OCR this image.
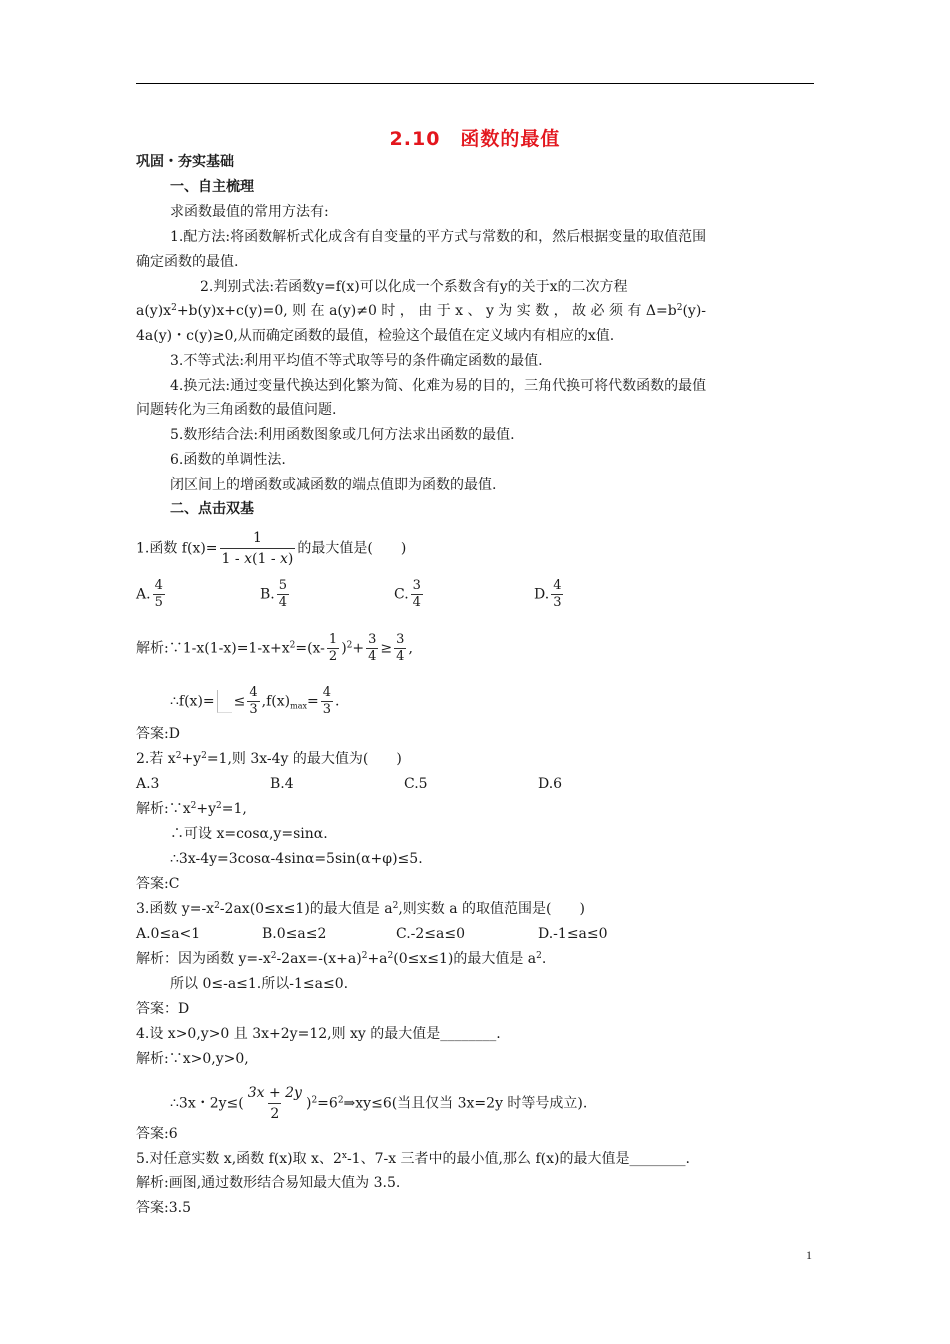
2.10　函数的最值
巩固・夯实基础
一、自主梳理
求函数最值的常用方法有:
1.配方法:将函数解析式化成含有自变量的平方式与常数的和，然后根据变量的取值范围
确定函数的最值.
2.判别式法:若函数y=f(x)可以化成一个系数含有y的关于x的二次方程
$a(y)x^2+b(y)x+c(y)=0$, 则 在 a(y)≠0 时 ， 由 于 x 、 y 为 实 数 ， 故 必 须 有 $\Delta=b^2(y)-$
4a(y)・c(y)≥0,从而确定函数的最值，检验这个最值在定义域内有相应的x值.
3.不等式法:利用平均值不等式取等号的条件确定函数的最值.
4.换元法:通过变量代换达到化繁为简、化难为易的目的，三角代换可将代数函数的最值
问题转化为三角函数的最值问题.
5.数形结合法:利用函数图象或几何方法求出函数的最值.
6.函数的单调性法.
闭区间上的增函数或减函数的端点值即为函数的最值.
二、点击双基
1.函数 $f(x)= \frac{1}{1 - x(1 - x)}$ 的最大值是(　　)
A. $\frac{4}{5}$	B. $\frac{5}{4}$	C. $\frac{3}{4}$	D. $\frac{4}{3}$
解析$:\because 1-x(1-x)=1-x+x^2=(x- \frac{1}{2} )^2+ \frac{3}{4} \ge \frac{3}{4}$ ,
∴f(x)= ≤ $\frac{4}{3} ,f(x)_{max}= \frac{4}{3}$ .
答案:D
2.若 $x^2+y^2=1$,则 3x-4y 的最大值为(　　)
A.3	B.4	C.5	D.6
解析$:\because x^2+y^2=1$,
∴可设 x=cosα,y=sinα.
∴3x-4y=3cosα-4sinα=5sin(α+φ)≤5.
答案:C
3.函数 $y=-x^2-2ax(0\le x\le 1)$的最大值是 $a^2$,则实数 a 的取值范围是(　　)
A.0≤a<1	B.0≤a≤2	C.-2≤a≤0	D.-1≤a≤0
解析：因为函数 $y=-x^2-2ax=-(x+a)^2+a^2(0\le x\le 1)$的最大值是 $a^2$.
所以 0≤-a≤1.所以-1≤a≤0.
答案：D
4.设 x>0,y>0 且 3x+2y=12,则 xy 的最大值是________.
解析:∵x>0,y>0,
∴3x・$2y\le( \frac{3x + 2y}{2}$ )$^2=6^2\Rightarrow xy\le 6$(当且仅当 3x=2y 时等号成立).
答案:6
5.对任意实数 x,函数 f(x)取 x、2$^x$-1、7-x 三者中的最小值,那么 f(x)的最大值是________.
解析:画图,通过数形结合易知最大值为 3.5.
答案:3.5
1
